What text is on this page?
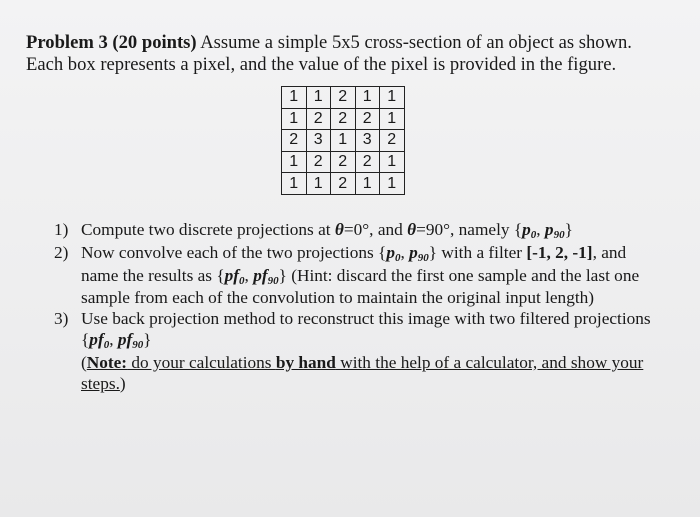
Problem 3 (20 points) Assume a simple 5x5 cross-section of an object as shown. Each box represents a pixel, and the value of the pixel is provided in the figure.
1	1	2	1	1
1	2	2	2	1
2	3	1	3	2
1	2	2	2	1
1	1	2	1	1
1) Compute two discrete projections at θ=0°, and θ=90°, namely {p0, p90}
2) Now convolve each of the two projections {p0, p90} with a filter [-1, 2, -1], and name the results as {pf0, pf90} (Hint: discard the first one sample and the last one sample from each of the convolution to maintain the original input length)
3) Use back projection method to reconstruct this image with two filtered projections {pf0, pf90}
(Note: do your calculations by hand with the help of a calculator, and show your steps.)
